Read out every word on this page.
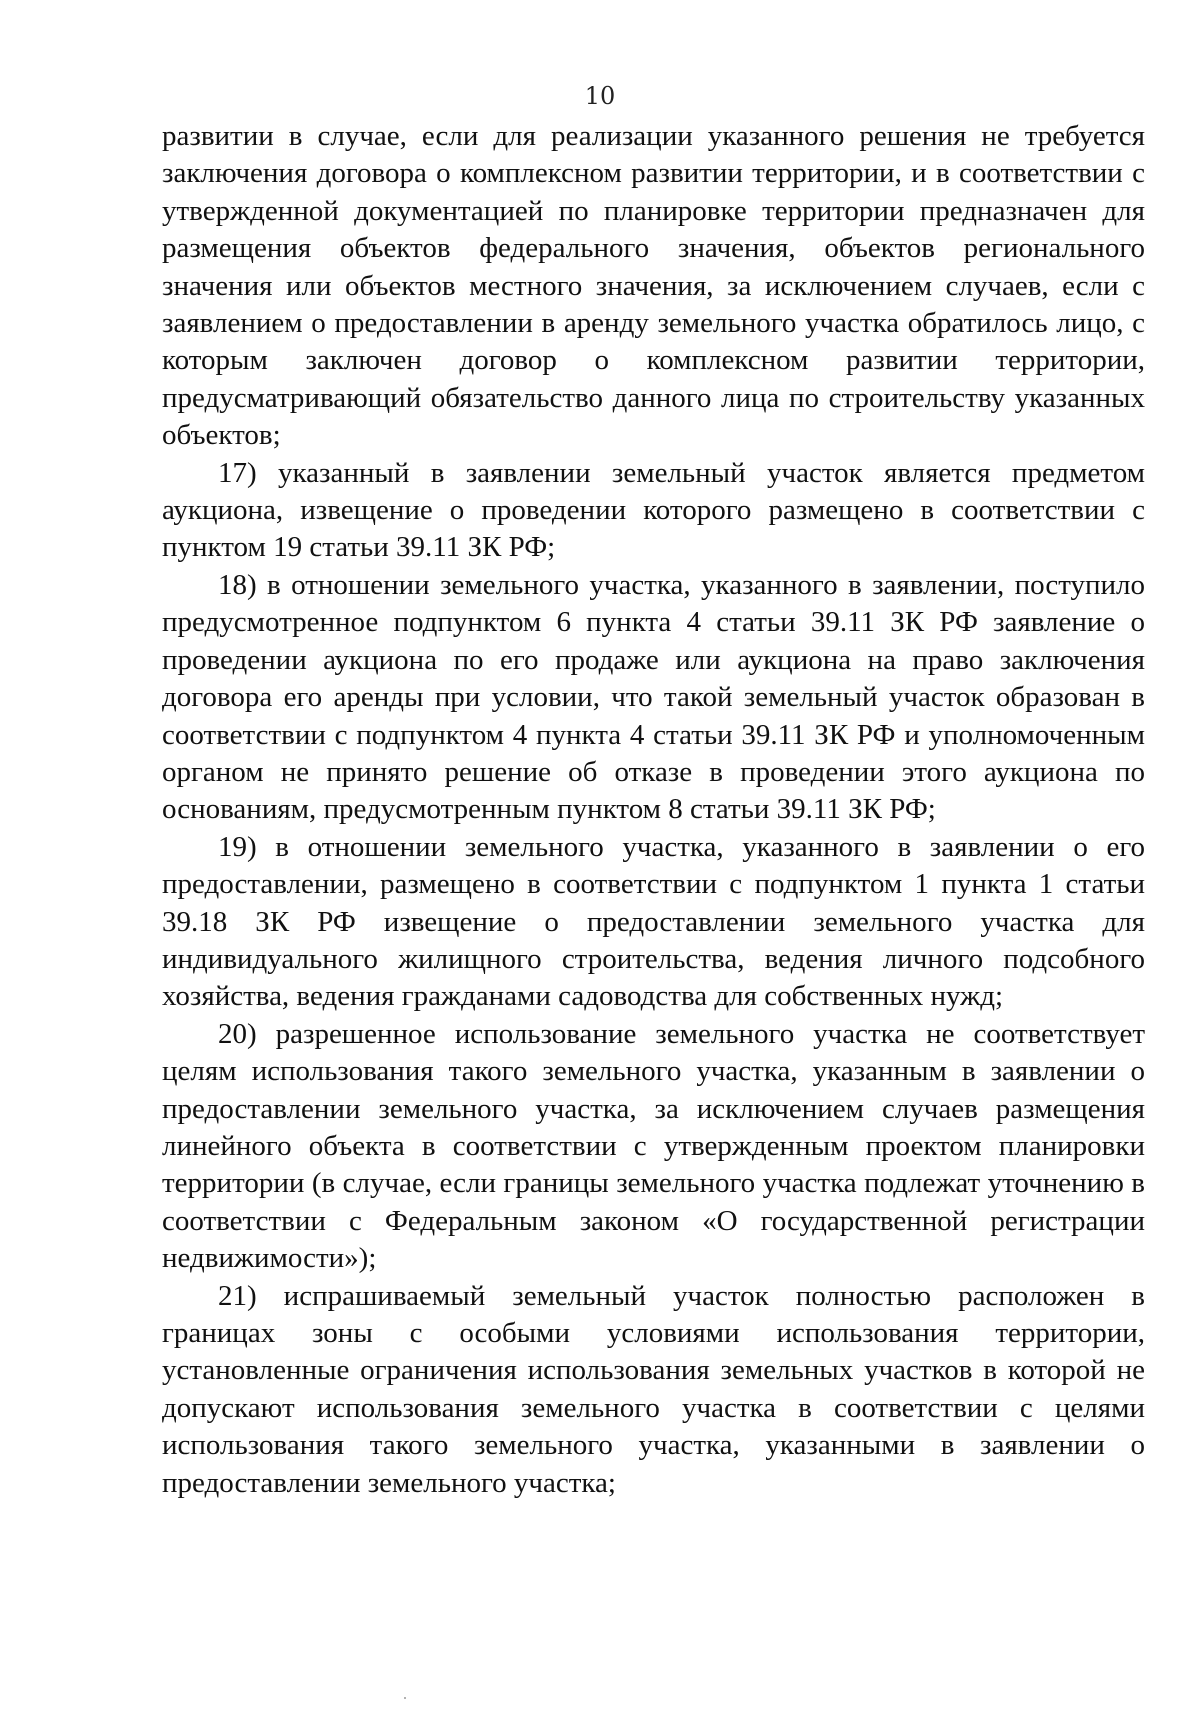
10

развитии в случае, если для реализации указанного решения не требуется заключения договора о комплексном развитии территории, и в соответствии с утвержденной документацией по планировке территории предназначен для размещения объектов федерального значения, объектов регионального значения или объектов местного значения, за исключением случаев, если с заявлением о предоставлении в аренду земельного участка обратилось лицо, с которым заключен договор о комплексном развитии территории, предусматривающий обязательство данного лица по строительству указанных объектов;

17) указанный в заявлении земельный участок является предметом аукциона, извещение о проведении которого размещено в соответствии с пунктом 19 статьи 39.11 ЗК РФ;

18) в отношении земельного участка, указанного в заявлении, поступило предусмотренное подпунктом 6 пункта 4 статьи 39.11 ЗК РФ заявление о проведении аукциона по его продаже или аукциона на право заключения договора его аренды при условии, что такой земельный участок образован в соответствии с подпунктом 4 пункта 4 статьи 39.11 ЗК РФ и уполномоченным органом не принято решение об отказе в проведении этого аукциона по основаниям, предусмотренным пунктом 8 статьи 39.11 ЗК РФ;

19) в отношении земельного участка, указанного в заявлении о его предоставлении, размещено в соответствии с подпунктом 1 пункта 1 статьи 39.18 ЗК РФ извещение о предоставлении земельного участка для индивидуального жилищного строительства, ведения личного подсобного хозяйства, ведения гражданами садоводства для собственных нужд;

20) разрешенное использование земельного участка не соответствует целям использования такого земельного участка, указанным в заявлении о предоставлении земельного участка, за исключением случаев размещения линейного объекта в соответствии с утвержденным проектом планировки территории (в случае, если границы земельного участка подлежат уточнению в соответствии с Федеральным законом «О государственной регистрации недвижимости»);

21) испрашиваемый земельный участок полностью расположен в границах зоны с особыми условиями использования территории, установленные ограничения использования земельных участков в которой не допускают использования земельного участка в соответствии с целями использования такого земельного участка, указанными в заявлении о предоставлении земельного участка;
